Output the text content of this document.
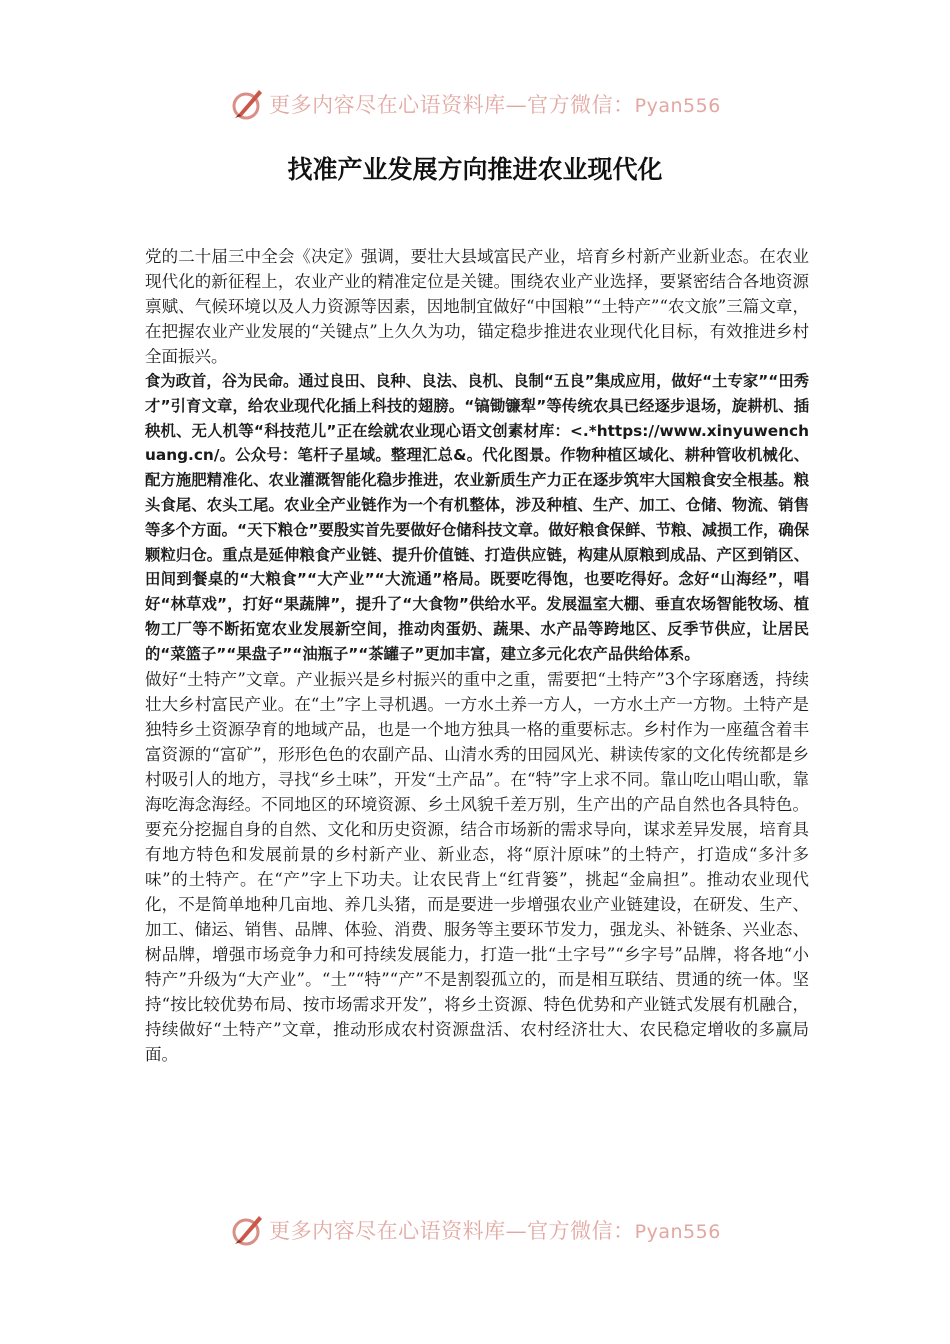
更多内容尽在心语资料库—官方微信：Pyan556
找准产业发展方向推进农业现代化

党的二十届三中全会《决定》强调，要壮大县域富民产业，培育乡村新产业新业态。在农业现代化的新征程上，农业产业的精准定位是关键。围绕农业产业选择，要紧密结合各地资源禀赋、气候环境以及人力资源等因素，因地制宜做好“中国粮”“土特产”“农文旅”三篇文章，在把握农业产业发展的“关键点”上久久为功，锚定稳步推进农业现代化目标，有效推进乡村全面振兴。

食为政首，谷为民命。通过良田、良种、良法、良机、良制“五良”集成应用，做好“土专家”“田秀才”引育文章，给农业现代化插上科技的翅膀。“镐锄镰犁”等传统农具已经逐步退场，旋耕机、插秧机、无人机等“科技范儿”正在绘就农业现心语文创素材库：<.*https://www.xinyuwenchuang.cn/。公众号：笔杆子星域。整理汇总&。代化图景。作物种植区域化、耕种管收机械化、配方施肥精准化、农业灌溉智能化稳步推进，农业新质生产力正在逐步筑牢大国粮食安全根基。粮头食尾、农头工尾。农业全产业链作为一个有机整体，涉及种植、生产、加工、仓储、物流、销售等多个方面。“天下粮仓”要殷实首先要做好仓储科技文章。做好粮食保鲜、节粮、减损工作，确保颗粒归仓。重点是延伸粮食产业链、提升价值链、打造供应链，构建从原粮到成品、产区到销区、田间到餐桌的“大粮食”“大产业”“大流通”格局。既要吃得饱，也要吃得好。念好“山海经”，唱好“林草戏”，打好“果蔬牌”，提升了“大食物”供给水平。发展温室大棚、垂直农场智能牧场、植物工厂等不断拓宽农业发展新空间，推动肉蛋奶、蔬果、水产品等跨地区、反季节供应，让居民的“菜篮子”“果盘子”“油瓶子”“茶罐子”更加丰富，建立多元化农产品供给体系。

做好“土特产”文章。产业振兴是乡村振兴的重中之重，需要把“土特产”3个字琢磨透，持续壮大乡村富民产业。在“土”字上寻机遇。一方水土养一方人，一方水土产一方物。土特产是独特乡土资源孕育的地域产品，也是一个地方独具一格的重要标志。乡村作为一座蕴含着丰富资源的“富矿”，形形色色的农副产品、山清水秀的田园风光、耕读传家的文化传统都是乡村吸引人的地方，寻找“乡土味”，开发“土产品”。在“特”字上求不同。靠山吃山唱山歌，靠海吃海念海经。不同地区的环境资源、乡土风貌千差万别，生产出的产品自然也各具特色。要充分挖掘自身的自然、文化和历史资源，结合市场新的需求导向，谋求差异发展，培育具有地方特色和发展前景的乡村新产业、新业态，将“原汁原味”的土特产，打造成“多汁多味”的土特产。在“产”字上下功夫。让农民背上“红背篓”，挑起“金扁担”。推动农业现代化，不是简单地种几亩地、养几头猪，而是要进一步增强农业产业链建设，在研发、生产、加工、储运、销售、品牌、体验、消费、服务等主要环节发力，强龙头、补链条、兴业态、树品牌，增强市场竞争力和可持续发展能力，打造一批“土字号”“乡字号”品牌，将各地“小特产”升级为“大产业”。“土”“特”“产”不是割裂孤立的，而是相互联结、贯通的统一体。坚持“按比较优势布局、按市场需求开发”，将乡土资源、特色优势和产业链式发展有机融合，持续做好“土特产”文章，推动形成农村资源盘活、农村经济壮大、农民稳定增收的多赢局面。

更多内容尽在心语资料库—官方微信：Pyan556
